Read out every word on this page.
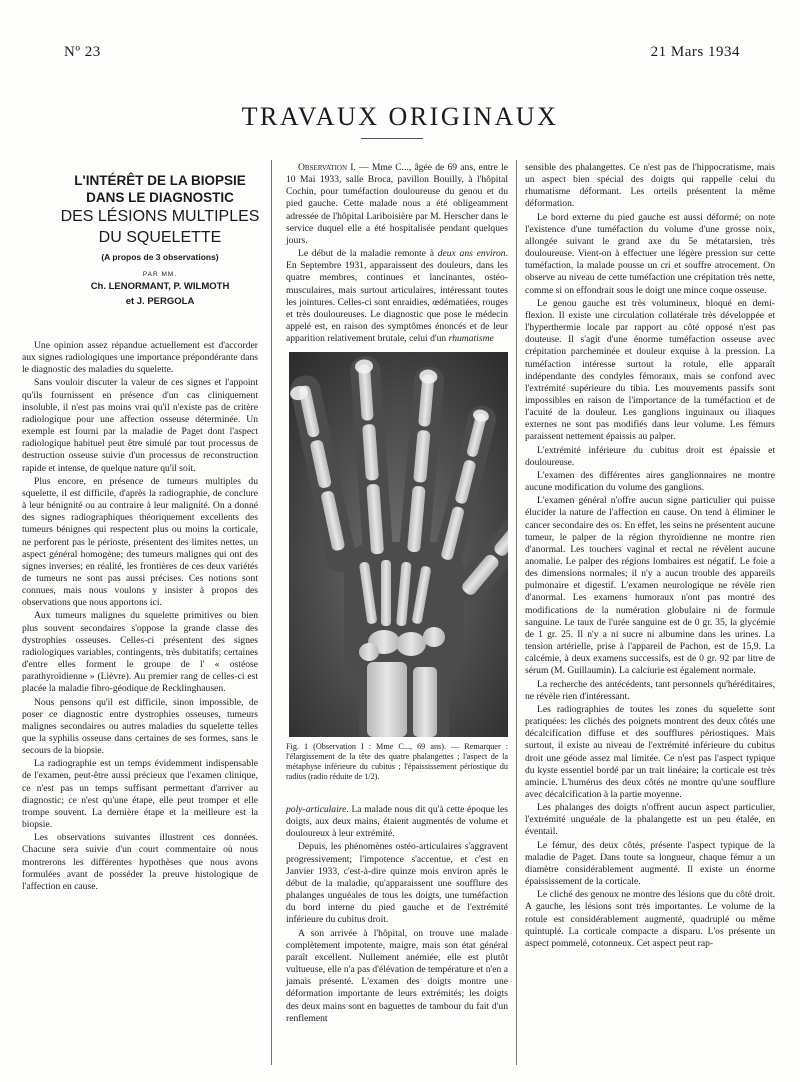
Nº 23	21 Mars 1934
TRAVAUX ORIGINAUX
L'INTÉRÊT DE LA BIOPSIE
DANS LE DIAGNOSTIC
DES LÉSIONS MULTIPLES
DU SQUELETTE
(A propos de 3 observations)
PAR MM.
Ch. LENORMANT, P. WILMOTH
et J. PERGOLA

Une opinion assez répandue actuellement est d'accorder aux signes radiologiques une importance prépondérante dans le diagnostic des maladies du squelette.

Sans vouloir discuter la valeur de ces signes et l'appoint qu'ils fournissent en présence d'un cas cliniquement insoluble, il n'est pas moins vrai qu'il n'existe pas de critère radiologique pour une affection osseuse déterminée. Un exemple est fourni par la maladie de Paget dont l'aspect radiologique habituel peut être simulé par tout processus de destruction osseuse suivie d'un processus de reconstruction rapide et intense, de quelque nature qu'il soit.

Plus encore, en présence de tumeurs multiples du squelette, il est difficile, d'après la radiographie, de conclure à leur bénignité ou au contraire à leur malignité. On a donné des signes radiographiques théoriquement excellents des tumeurs bénignes qui respectent plus ou moins la corticale, ne perforent pas le périoste, présentent des limites nettes, un aspect général homogène; des tumeurs malignes qui ont des signes inverses; en réalité, les frontières de ces deux variétés de tumeurs ne sont pas aussi précises. Ces notions sont connues, mais nous voulons y insister à propos des observations que nous apportons ici.

Aux tumeurs malignes du squelette primitives ou bien plus souvent secondaires s'oppose la grande classe des dystrophies osseuses. Celles-ci présentent des signes radiologiques variables, contingents, très dubitatifs; certaines d'entre elles forment le groupe de l' « ostéose parathyroïdienne » (Lièvre). Au premier rang de celles-ci est placée la maladie fibro-géodique de Recklinghausen.

Nous pensons qu'il est difficile, sinon impossible, de poser ce diagnostic entre dystrophies osseuses, tumeurs malignes secondaires ou autres maladies du squelette telles que la syphilis osseuse dans certaines de ses formes, sans le secours de la biopsie.

La radiographie est un temps évidemment indispensable de l'examen, peut-être aussi précieux que l'examen clinique, ce n'est pas un temps suffisant permettant d'arriver au diagnostic; ce n'est qu'une étape, elle peut tromper et elle trompe souvent. La dernière étape et la meilleure est la biopsie.

Les observations suivantes illustrent ces données. Chacune sera suivie d'un court commentaire où nous montrerons les différentes hypothèses que nous avons formulées avant de posséder la preuve histologique de l'affection en cause.

Observation I. — Mme C..., âgée de 69 ans, entre le 10 Mai 1933, salle Broca, pavillon Bouilly, à l'hôpital Cochin, pour tuméfaction douloureuse du genou et du pied gauche. Cette malade nous a été obligeamment adressée de l'hôpital Lariboisière par M. Herscher dans le service duquel elle a été hospitalisée pendant quelques jours.

Le début de la maladie remonte à deux ans environ. En Septembre 1931, apparaissent des douleurs, dans les quatre membres, continues et lancinantes, ostéo-musculaires, mais surtout articulaires, intéressant toutes les jointures. Celles-ci sont enraidies, œdématiées, rouges et très douloureuses. Le diagnostic que pose le médecin appelé est, en raison des symptômes énoncés et de leur apparition relativement brutale, celui d'un rhumatisme

Fig. 1 (Observation I : Mme C..., 69 ans). — Remarquer : l'élargissement de la tête des quatre phalangettes ; l'aspect de la métaphyse inférieure du cubitus ; l'épaississement périostique du radius (radio réduite de 1/2).

poly-articulaire. La malade nous dit qu'à cette époque les doigts, aux deux mains, étaient augmentés de volume et douloureux à leur extrémité.

Depuis, les phénomènes ostéo-articulaires s'aggravent progressivement; l'impotence s'accentue, et c'est en Janvier 1933, c'est-à-dire quinze mois environ après le début de la maladie, qu'apparaissent une soufflure des phalanges unguéales de tous les doigts, une tuméfaction du bord interne du pied gauche et de l'extrémité inférieure du cubitus droit.

A son arrivée à l'hôpital, on trouve une malade complètement impotente, maigre, mais son état général paraît excellent. Nullement anémiée, elle est plutôt vultueuse, elle n'a pas d'élévation de température et n'en a jamais présenté. L'examen des doigts montre une déformation importante de leurs extrémités; les doigts des deux mains sont en baguettes de tambour du fait d'un renflement

sensible des phalangettes. Ce n'est pas de l'hippocratisme, mais un aspect bien spécial des doigts qui rappelle celui du rhumatisme déformant. Les orteils présentent la même déformation.

Le bord externe du pied gauche est aussi déformé; on note l'existence d'une tuméfaction du volume d'une grosse noix, allongée suivant le grand axe du 5e métatarsien, très douloureuse. Vient-on à effectuer une légère pression sur cette tuméfaction, la malade pousse un cri et souffre atrocement. On observe au niveau de cette tuméfaction une crépitation très nette, comme si on effondrait sous le doigt une mince coque osseuse.

Le genou gauche est très volumineux, bloqué en demi-flexion. Il existe une circulation collatérale très développée et l'hyperthermie locale par rapport au côté opposé n'est pas douteuse. Il s'agit d'une énorme tuméfaction osseuse avec crépitation parcheminée et douleur exquise à la pression. La tuméfaction intéresse surtout la rotule, elle apparaît indépendante des condyles fémoraux, mais se confond avec l'extrémité supérieure du tibia. Les mouvements passifs sont impossibles en raison de l'importance de la tuméfaction et de l'acuité de la douleur. Les ganglions inguinaux ou iliaques externes ne sont pas modifiés dans leur volume. Les fémurs paraissent nettement épaissis au palper.

L'extrémité inférieure du cubitus droit est épaissie et douloureuse.

L'examen des différentes aires ganglionnaires ne montre aucune modification du volume des ganglions.

L'examen général n'offre aucun signe particulier qui puisse élucider la nature de l'affection en cause. On tend à éliminer le cancer secondaire des os. En effet, les seins ne présentent aucune tumeur, le palper de la région thyroïdienne ne montre rien d'anormal. Les touchers vaginal et rectal ne révèlent aucune anomalie. Le palper des régions lombaires est négatif. Le foie a des dimensions normales; il n'y a aucun trouble des appareils pulmonaire et digestif. L'examen neurologique ne révèle rien d'anormal. Les examens humoraux n'ont pas montré des modifications de la numération globulaire ni de formule sanguine. Le taux de l'urée sanguine est de 0 gr. 35, la glycémie de 1 gr. 25. Il n'y a ni sucre ni albumine dans les urines. La tension artérielle, prise à l'appareil de Pachon, est de 15,9. La calcémie, à deux examens successifs, est de 0 gr. 92 par litre de sérum (M. Guillaumin). La calciurie est également normale.

La recherche des antécédents, tant personnels qu'héréditaires, ne révèle rien d'intéressant.

Les radiographies de toutes les zones du squelette sont pratiquées: les clichés des poignets montrent des deux côtés une décalcification diffuse et des soufflures périostiques. Mais surtout, il existe au niveau de l'extrémité inférieure du cubitus droit une géode assez mal limitée. Ce n'est pas l'aspect typique du kyste essentiel bordé par un trait linéaire; la corticale est très amincie. L'humérus des deux côtés ne montre qu'une soufflure avec décalcification à la partie moyenne.

Les phalanges des doigts n'offrent aucun aspect particulier, l'extrémité unguéale de la phalangette est un peu étalée, en éventail.

Le fémur, des deux côtés, présente l'aspect typique de la maladie de Paget. Dans toute sa longueur, chaque fémur a un diamètre considérablement augmenté. Il existe un énorme épaississement de la corticale.

Le cliché des genoux ne montre des lésions que du côté droit. A gauche, les lésions sont très importantes. Le volume de la rotule est considérablement augmenté, quadruplé ou même quintuplé. La corticale compacte a disparu. L'os présente un aspect pommelé, cotonneux. Cet aspect peut rap-
